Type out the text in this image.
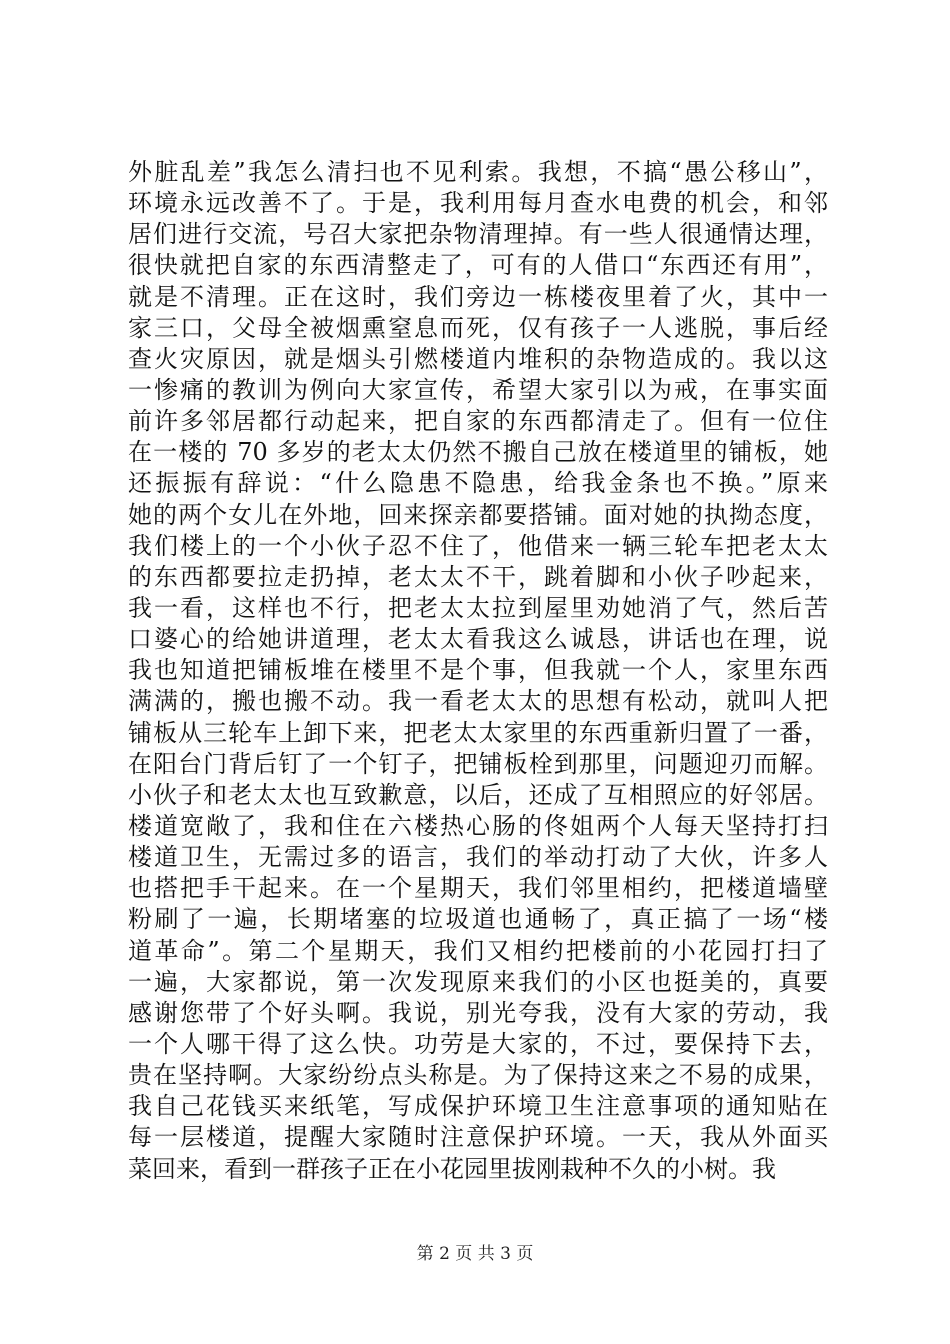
外脏乱差”我怎么清扫也不见利索。我想，不搞“愚公移山”，
环境永远改善不了。于是，我利用每月查水电费的机会，和邻
居们进行交流，号召大家把杂物清理掉。有一些人很通情达理，
很快就把自家的东西清整走了，可有的人借口“东西还有用”，
就是不清理。正在这时，我们旁边一栋楼夜里着了火，其中一
家三口，父母全被烟熏窒息而死，仅有孩子一人逃脱，事后经
查火灾原因，就是烟头引燃楼道内堆积的杂物造成的。我以这
一惨痛的教训为例向大家宣传，希望大家引以为戒，在事实面
前许多邻居都行动起来，把自家的东西都清走了。但有一位住
在一楼的 70 多岁的老太太仍然不搬自己放在楼道里的铺板，她
还振振有辞说：“什么隐患不隐患，给我金条也不换。”原来
她的两个女儿在外地，回来探亲都要搭铺。面对她的执拗态度，
我们楼上的一个小伙子忍不住了，他借来一辆三轮车把老太太
的东西都要拉走扔掉，老太太不干，跳着脚和小伙子吵起来，
我一看，这样也不行，把老太太拉到屋里劝她消了气，然后苦
口婆心的给她讲道理，老太太看我这么诚恳，讲话也在理，说
我也知道把铺板堆在楼里不是个事，但我就一个人，家里东西
满满的，搬也搬不动。我一看老太太的思想有松动，就叫人把
铺板从三轮车上卸下来，把老太太家里的东西重新归置了一番，
在阳台门背后钉了一个钉子，把铺板栓到那里，问题迎刃而解。
小伙子和老太太也互致歉意，以后，还成了互相照应的好邻居。
楼道宽敞了，我和住在六楼热心肠的佟姐两个人每天坚持打扫
楼道卫生，无需过多的语言，我们的举动打动了大伙，许多人
也搭把手干起来。在一个星期天，我们邻里相约，把楼道墙壁
粉刷了一遍，长期堵塞的垃圾道也通畅了，真正搞了一场“楼
道革命”。第二个星期天，我们又相约把楼前的小花园打扫了
一遍，大家都说，第一次发现原来我们的小区也挺美的，真要
感谢您带了个好头啊。我说，别光夸我，没有大家的劳动，我
一个人哪干得了这么快。功劳是大家的，不过，要保持下去，
贵在坚持啊。大家纷纷点头称是。为了保持这来之不易的成果，
我自己花钱买来纸笔，写成保护环境卫生注意事项的通知贴在
每一层楼道，提醒大家随时注意保护环境。一天，我从外面买
菜回来，看到一群孩子正在小花园里拔刚栽种不久的小树。我
第 2 页 共 3 页
